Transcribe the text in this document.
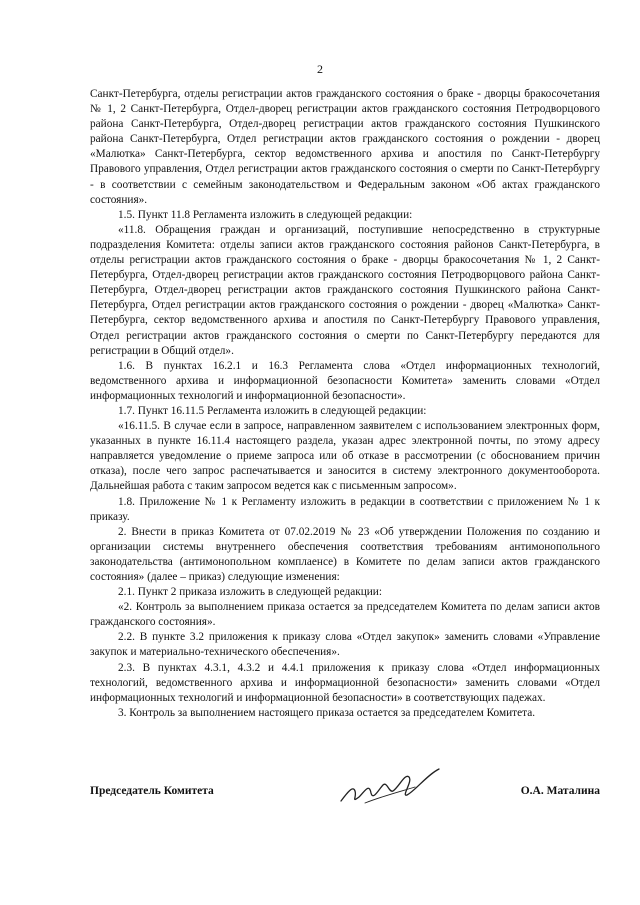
2

Санкт-Петербурга, отделы регистрации актов гражданского состояния о браке - дворцы бракосочетания № 1, 2 Санкт-Петербурга, Отдел-дворец регистрации актов гражданского состояния Петродворцового района Санкт-Петербурга, Отдел-дворец регистрации актов гражданского состояния Пушкинского района Санкт-Петербурга, Отдел регистрации актов гражданского состояния о рождении - дворец «Малютка» Санкт-Петербурга, сектор ведомственного архива и апостиля по Санкт-Петербургу Правового управления, Отдел регистрации актов гражданского состояния о смерти по Санкт-Петербургу - в соответствии с семейным законодательством и Федеральным законом «Об актах гражданского состояния».

1.5. Пункт 11.8 Регламента изложить в следующей редакции:

«11.8. Обращения граждан и организаций, поступившие непосредственно в структурные подразделения Комитета: отделы записи актов гражданского состояния районов Санкт-Петербурга, в отделы регистрации актов гражданского состояния о браке - дворцы бракосочетания № 1, 2 Санкт-Петербурга, Отдел-дворец регистрации актов гражданского состояния Петродворцового района Санкт-Петербурга, Отдел-дворец регистрации актов гражданского состояния Пушкинского района Санкт-Петербурга, Отдел регистрации актов гражданского состояния о рождении - дворец «Малютка» Санкт-Петербурга, сектор ведомственного архива и апостиля по Санкт-Петербургу Правового управления, Отдел регистрации актов гражданского состояния о смерти по Санкт-Петербургу передаются для регистрации в Общий отдел».

1.6. В пунктах 16.2.1 и 16.3 Регламента слова «Отдел информационных технологий, ведомственного архива и информационной безопасности Комитета» заменить словами «Отдел информационных технологий и информационной безопасности».

1.7. Пункт 16.11.5 Регламента изложить в следующей редакции:

«16.11.5. В случае если в запросе, направленном заявителем с использованием электронных форм, указанных в пункте 16.11.4 настоящего раздела, указан адрес электронной почты, по этому адресу направляется уведомление о приеме запроса или об отказе в рассмотрении (с обоснованием причин отказа), после чего запрос распечатывается и заносится в систему электронного документооборота. Дальнейшая работа с таким запросом ведется как с письменным запросом».

1.8. Приложение № 1 к Регламенту изложить в редакции в соответствии с приложением № 1 к приказу.

2. Внести в приказ Комитета от 07.02.2019 № 23 «Об утверждении Положения по созданию и организации системы внутреннего обеспечения соответствия требованиям антимонопольного законодательства (антимонопольном комплаенсе) в Комитете по делам записи актов гражданского состояния» (далее – приказ) следующие изменения:

2.1. Пункт 2 приказа изложить в следующей редакции:

«2. Контроль за выполнением приказа остается за председателем Комитета по делам записи актов гражданского состояния».

2.2. В пункте 3.2 приложения к приказу слова «Отдел закупок» заменить словами «Управление закупок и материально-технического обеспечения».

2.3. В пунктах 4.3.1, 4.3.2 и 4.4.1 приложения к приказу слова «Отдел информационных технологий, ведомственного архива и информационной безопасности» заменить словами «Отдел информационных технологий и информационной безопасности» в соответствующих падежах.

3. Контроль за выполнением настоящего приказа остается за председателем Комитета.

Председатель Комитета	О.А. Маталина
